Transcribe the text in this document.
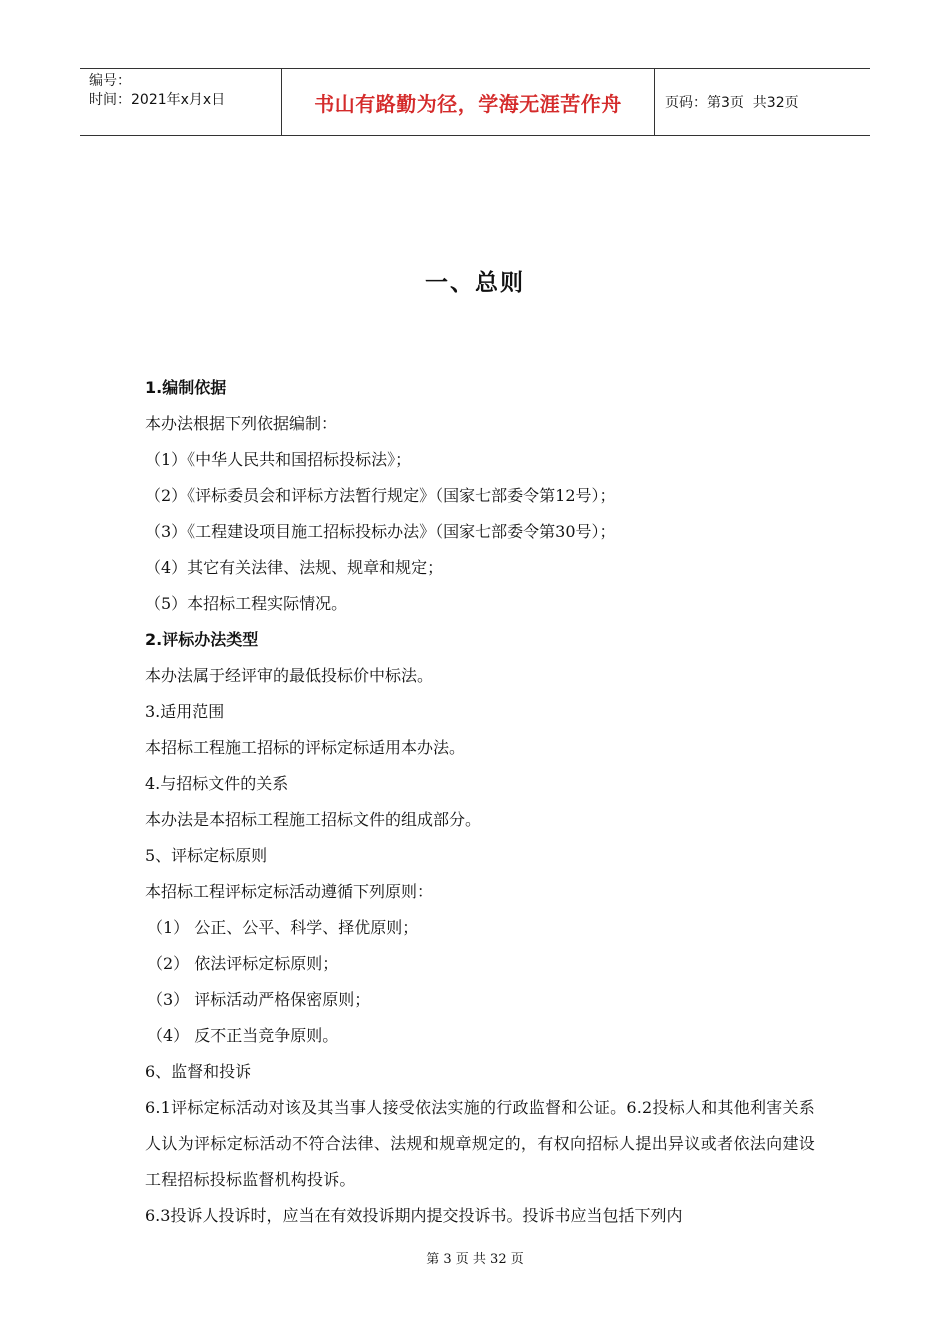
编号：
时间：2021年x月x日	书山有路勤为径，学海无涯苦作舟	页码：第3页  共32页
一、总则

1.编制依据

本办法根据下列依据编制：

（1）《中华人民共和国招标投标法》；

（2）《评标委员会和评标方法暂行规定》（国家七部委令第12号）；

（3）《工程建设项目施工招标投标办法》（国家七部委令第30号）；

（4）其它有关法律、法规、规章和规定；

（5）本招标工程实际情况。

2.评标办法类型

本办法属于经评审的最低投标价中标法。

3.适用范围

本招标工程施工招标的评标定标适用本办法。

4.与招标文件的关系

本办法是本招标工程施工招标文件的组成部分。

5、评标定标原则

本招标工程评标定标活动遵循下列原则：

（1） 公正、公平、科学、择优原则；

（2） 依法评标定标原则；

（3） 评标活动严格保密原则；

（4） 反不正当竞争原则。

6、监督和投诉

6.1评标定标活动对该及其当事人接受依法实施的行政监督和公证。6.2投标人和其他利害关系人认为评标定标活动不符合法律、法规和规章规定的，有权向招标人提出异议或者依法向建设工程招标投标监督机构投诉。

6.3投诉人投诉时，应当在有效投诉期内提交投诉书。投诉书应当包括下列内

第 3 页 共 32 页
